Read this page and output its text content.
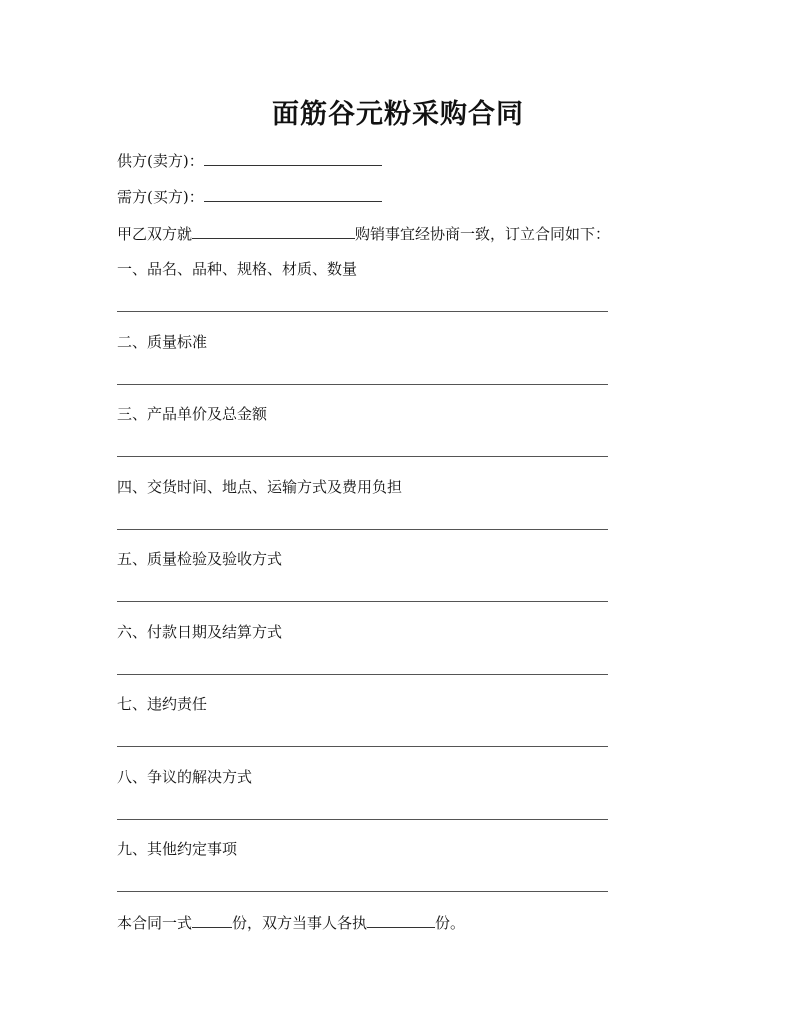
面筋谷元粉采购合同
供方(卖方)：
需方(买方)：
甲乙双方就	购销事宜经协商一致，订立合同如下：
一、品名、品种、规格、材质、数量
二、质量标准
三、产品单价及总金额
四、交货时间、地点、运输方式及费用负担
五、质量检验及验收方式
六、付款日期及结算方式
七、违约责任
八、争议的解决方式
九、其他约定事项
本合同一式	份，双方当事人各执	份。
